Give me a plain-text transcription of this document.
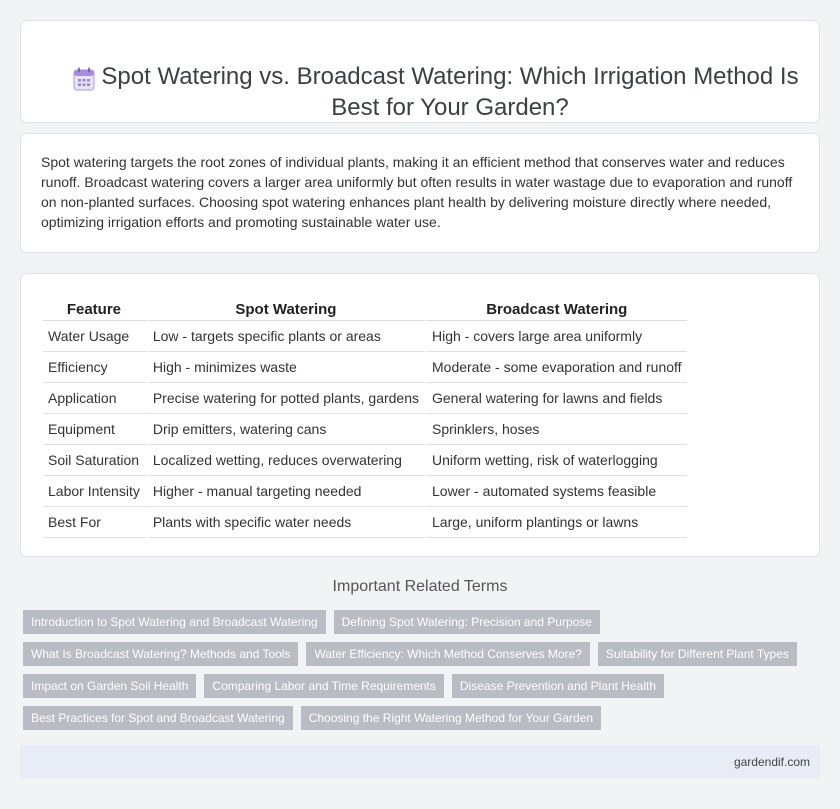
Spot Watering vs. Broadcast Watering: Which Irrigation Method Is Best for Your Garden?
Spot watering targets the root zones of individual plants, making it an efficient method that conserves water and reduces runoff. Broadcast watering covers a larger area uniformly but often results in water wastage due to evaporation and runoff on non-planted surfaces. Choosing spot watering enhances plant health by delivering moisture directly where needed, optimizing irrigation efforts and promoting sustainable water use.
Feature	Spot Watering	Broadcast Watering
Water Usage	Low - targets specific plants or areas	High - covers large area uniformly
Efficiency	High - minimizes waste	Moderate - some evaporation and runoff
Application	Precise watering for potted plants, gardens	General watering for lawns and fields
Equipment	Drip emitters, watering cans	Sprinklers, hoses
Soil Saturation	Localized wetting, reduces overwatering	Uniform wetting, risk of waterlogging
Labor Intensity	Higher - manual targeting needed	Lower - automated systems feasible
Best For	Plants with specific water needs	Large, uniform plantings or lawns
Important Related Terms
Introduction to Spot Watering and Broadcast Watering	Defining Spot Watering: Precision and Purpose
What Is Broadcast Watering? Methods and Tools	Water Efficiency: Which Method Conserves More?	Suitability for Different Plant Types
Impact on Garden Soil Health	Comparing Labor and Time Requirements	Disease Prevention and Plant Health
Best Practices for Spot and Broadcast Watering	Choosing the Right Watering Method for Your Garden
gardendif.com
